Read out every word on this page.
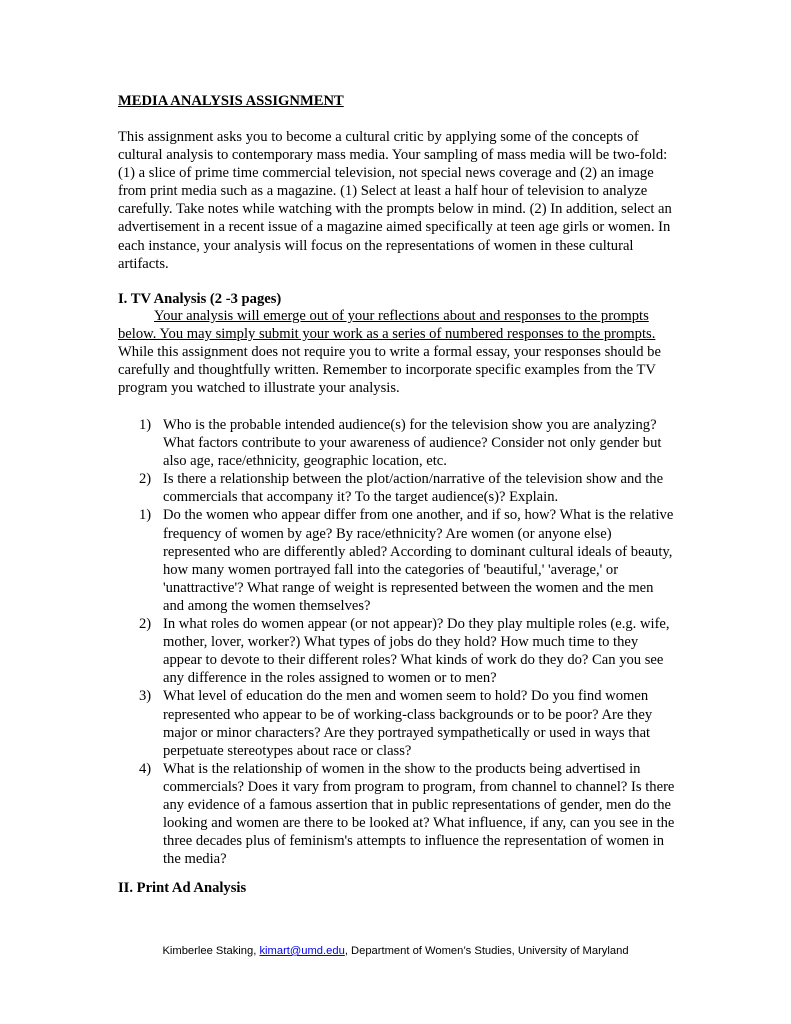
MEDIA ANALYSIS ASSIGNMENT
This assignment asks you to become a cultural critic by applying some of the concepts of cultural analysis to contemporary mass media. Your sampling of mass media will be two-fold: (1) a slice of prime time commercial television, not special news coverage and (2) an image from print media such as a magazine. (1) Select at least a half hour of television to analyze carefully. Take notes while watching with the prompts below in mind. (2) In addition, select an advertisement in a recent issue of a magazine aimed specifically at teen age girls or women. In each instance, your analysis will focus on the representations of women in these cultural artifacts.
I. TV Analysis (2 -3 pages)
Your analysis will emerge out of your reflections about and responses to the prompts below. You may simply submit your work as a series of numbered responses to the prompts. While this assignment does not require you to write a formal essay, your responses should be carefully and thoughtfully written. Remember to incorporate specific examples from the TV program you watched to illustrate your analysis.
1) Who is the probable intended audience(s) for the television show you are analyzing? What factors contribute to your awareness of audience? Consider not only gender but also age, race/ethnicity, geographic location, etc.
2) Is there a relationship between the plot/action/narrative of the television show and the commercials that accompany it? To the target audience(s)? Explain.
1) Do the women who appear differ from one another, and if so, how? What is the relative frequency of women by age? By race/ethnicity? Are women (or anyone else) represented who are differently abled? According to dominant cultural ideals of beauty, how many women portrayed fall into the categories of 'beautiful,' 'average,' or 'unattractive'? What range of weight is represented between the women and the men and among the women themselves?
2) In what roles do women appear (or not appear)? Do they play multiple roles (e.g. wife, mother, lover, worker?) What types of jobs do they hold? How much time to they appear to devote to their different roles? What kinds of work do they do? Can you see any difference in the roles assigned to women or to men?
3) What level of education do the men and women seem to hold? Do you find women represented who appear to be of working-class backgrounds or to be poor? Are they major or minor characters? Are they portrayed sympathetically or used in ways that perpetuate stereotypes about race or class?
4) What is the relationship of women in the show to the products being advertised in commercials? Does it vary from program to program, from channel to channel? Is there any evidence of a famous assertion that in public representations of gender, men do the looking and women are there to be looked at? What influence, if any, can you see in the three decades plus of feminism's attempts to influence the representation of women in the media?
II. Print Ad Analysis
Kimberlee Staking, kimart@umd.edu, Department of Women’s Studies, University of Maryland
